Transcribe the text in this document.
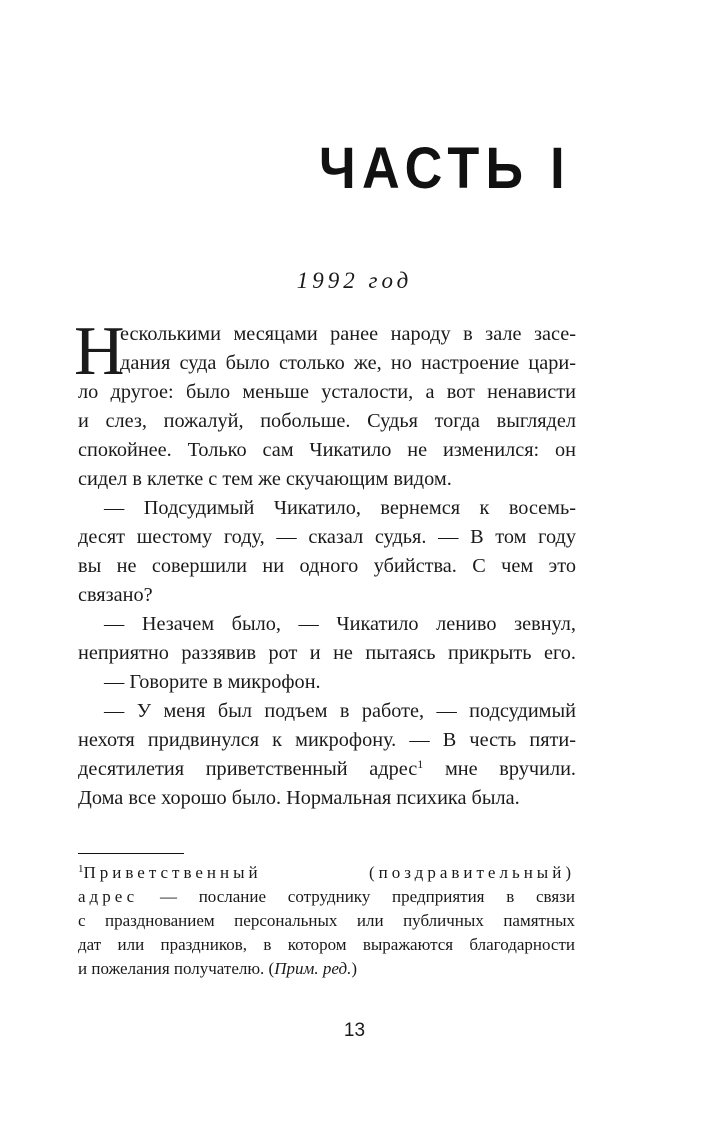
ЧАСТЬ I
1992 год
Н
есколькими месяцами ранее народу в зале засе-
дания суда было столько же, но настроение цари-
ло другое: было меньше усталости, а вот ненависти
и слез, пожалуй, побольше. Судья тогда выглядел
спокойнее. Только сам Чикатило не изменился: он
сидел в клетке с тем же скучающим видом.
— Подсудимый Чикатило, вернемся к восемь-
десят шестому году, — сказал судья. — В том году
вы не совершили ни одного убийства. С чем это
связано?
— Незачем было, — Чикатило лениво зевнул,
неприятно раззявив рот и не пытаясь прикрыть его.
— Говорите в микрофон.
— У меня был подъем в работе, — подсудимый
нехотя придвинулся к микрофону. — В честь пяти-
десятилетия приветственный адрес$^1$ мне вручили.
Дома все хорошо было. Нормальная психика была.
$^1$Приветственный	(поздравительный)
адрес — послание сотруднику предприятия в связи
с празднованием персональных или публичных памятных
дат или праздников, в котором выражаются благодарности
и пожелания получателю. (Прим. ред.)
13
